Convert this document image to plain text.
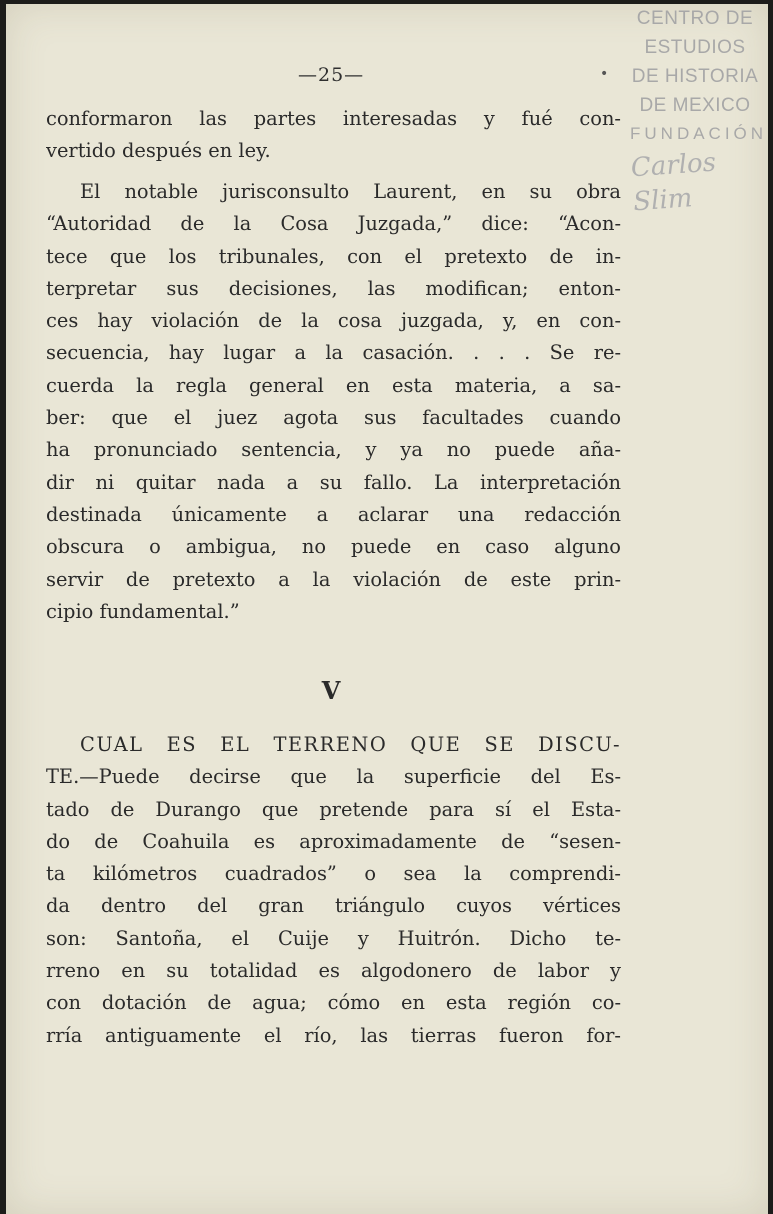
—25—	•
CENTRO DE
ESTUDIOS
DE HISTORIA
DE MEXICO
FUNDACIÓN
Carlos Slim
conformaron las partes interesadas y fué con-
vertido después en ley.
El notable jurisconsulto Laurent, en su obra
“Autoridad de la Cosa Juzgada,” dice: “Acon-
tece que los tribunales, con el pretexto de in-
terpretar sus decisiones, las modifican; enton-
ces hay violación de la cosa juzgada, y, en con-
secuencia, hay lugar a la casación. . . . Se re-
cuerda la regla general en esta materia, a sa-
ber: que el juez agota sus facultades cuando
ha pronunciado sentencia, y ya no puede aña-
dir ni quitar nada a su fallo. La interpretación
destinada únicamente a aclarar una redacción
obscura o ambigua, no puede en caso alguno
servir de pretexto a la violación de este prin-
cipio fundamental.”
V
CUAL ES EL TERRENO QUE SE DISCU-
TE.—Puede decirse que la superficie del Es-
tado de Durango que pretende para sí el Esta-
do de Coahuila es aproximadamente de “sesen-
ta kilómetros cuadrados” o sea la comprendi-
da dentro del gran triángulo cuyos vértices
son: Santoña, el Cuije y Huitrón. Dicho te-
rreno en su totalidad es algodonero de labor y
con dotación de agua; cómo en esta región co-
rría antiguamente el río, las tierras fueron for-
